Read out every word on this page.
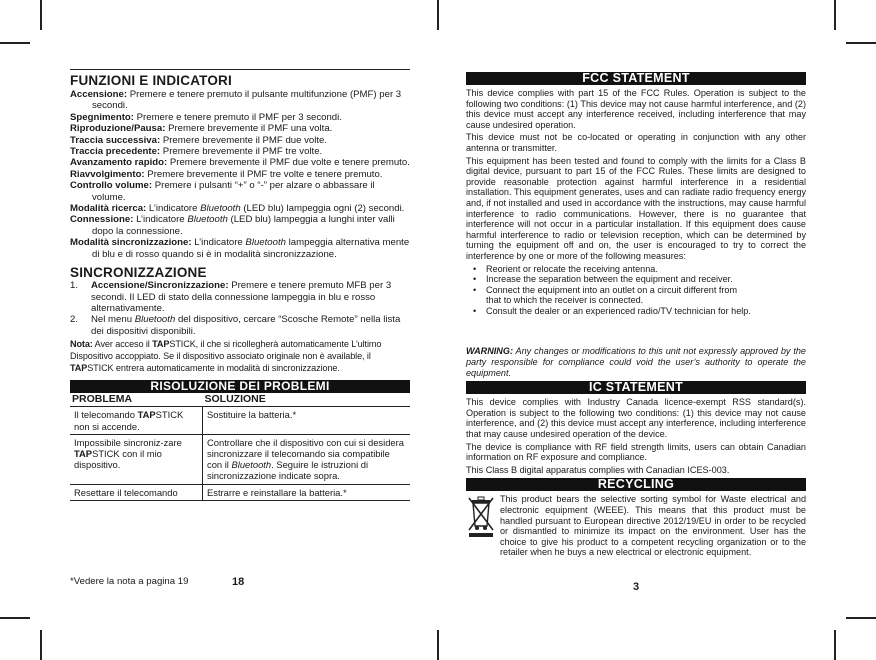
FUNZIONI E INDICATORI

Accensione: Premere e tenere premuto il pulsante multifunzione (PMF) per 3 secondi.

Spegnimento: Premere e tenere premuto il PMF per 3 secondi.

Riproduzione/Pausa: Premere brevemente il PMF una volta.

Traccia successiva: Premere brevemente il PMF due volte.

Traccia precedente: Premere brevemente il PMF tre volte.

Avanzamento rapido: Premere brevemente il PMF due volte e tenere premuto.

Riavvolgimento: Premere brevemente il PMF tre volte e tenere premuto.

Controllo volume: Premere i pulsanti “+” o “-” per alzare o abbassare il volume.

Modalità ricerca: L’indicatore Bluetooth (LED blu) lampeggia ogni (2) secondi.

Connessione: L’indicatore Bluetooth (LED blu) lampeggia a lunghi inter valli dopo la connessione.

Modalità sincronizzazione: L’indicatore Bluetooth lampeggia alternativa mente di blu e di rosso quando si è in modalità sincronizzazione.

SINCRONIZZAZIONE
1.	Accensione/Sincronizzazione: Premere e tenere premuto MFB per 3 secondi. Il LED di stato della connessione lampeggia in blu e rosso alternativamente.
2.	Nel menu Bluetooth del dispositivo, cercare “Scosche Remote” nella lista dei dispositivi disponibili.
Nota: Aver acceso il TAPSTICK, il che si ricollegherà automaticamente L’ultimo Dispositivo accoppiato. Se il dispositivo associato originale non è available, il TAPSTICK entrera automaticamente in modalità di sincronizzazione.
RISOLUZIONE DEI PROBLEMI
PROBLEMA	SOLUZIONE
Il telecomando TAPSTICK non si accende.	Sostituire la batteria.*
Impossibile sincroniz-zare TAPSTICK con il mio dispositivo.	Controllare che il dispositivo con cui si desidera sincronizzare il telecomando sia compatibile con il Bluetooth. Seguire le istruzioni di sincronizzazione indicate sopra.
Resettare il telecomando	Estrarre e reinstallare la batteria.*
*Vedere la nota a pagina 19	18
FCC STATEMENT

This device complies with part 15 of the FCC Rules. Operation is subject to the following two conditions: (1) This device may not cause harmful interference, and (2) this device must accept any interference received, including interference that may cause undesired operation.

This device must not be co-located or operating in conjunction with any other antenna or transmitter.

This equipment has been tested and found to comply with the limits for a Class B digital device, pursuant to part 15 of the FCC Rules. These limits are designed to provide reasonable protection against harmful interference in a residential installation. This equipment generates, uses and can radiate radio frequency energy and, if not installed and used in accordance with the instructions, may cause harmful interference to radio communications. However, there is no guarantee that interference will not occur in a particular installation. If this equipment does cause harmful interference to radio or television reception, which can be determined by turning the equipment off and on, the user is encouraged to try to correct the interference by one or more of the following measures:

• Reorient or relocate the receiving antenna.
• Increase the separation between the equipment and receiver.
• Connect the equipment into an outlet on a circuit different from that to which the receiver is connected.
• Consult the dealer or an experienced radio/TV technician for help.

WARNING: Any changes or modifications to this unit not expressly approved by the party responsible for compliance could void the user’s authority to operate the equipment.

IC STATEMENT

This device complies with Industry Canada licence-exempt RSS standard(s). Operation is subject to the following two conditions: (1) this device may not cause interference, and (2) this device must accept any interference, including interference that may cause undesired operation of the device.

The device is compliance with RF field strength limits, users can obtain Canadian information on RF exposure and compliance.

This Class B digital apparatus complies with Canadian ICES-003.

RECYCLING

This product bears the selective sorting symbol for Waste electrical and electronic equipment (WEEE). This means that this product must be handled pursuant to European directive 2012/19/EU in order to be recycled or dismantled to minimize its impact on the environment. User has the choice to give his product to a competent recycling organization or to the retailer when he buys a new electrical or electronic equipment.

3
